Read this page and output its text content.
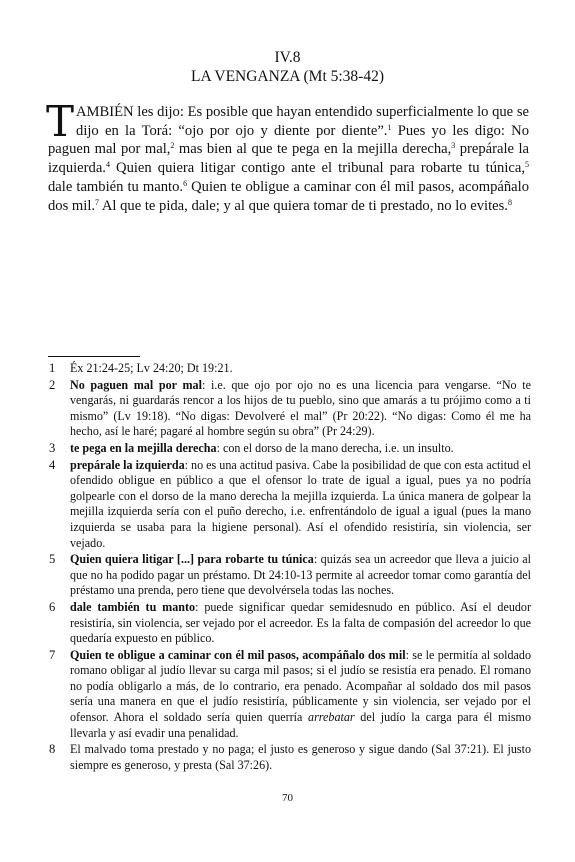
IV.8
LA VENGANZA (Mt 5:38-42)
TAMBIÉN les dijo: Es posible que hayan entendido superficialmente lo que se dijo en la Torá: “ojo por ojo y diente por diente”.$^1$ Pues yo les digo: No paguen mal por mal,$^2$ mas bien al que te pega en la mejilla derecha,$^3$ prepárale la izquierda.$^4$ Quien quiera litigar contigo ante el tribunal para robarte tu túnica,$^5$ dale también tu manto.$^6$ Quien te obligue a caminar con él mil pasos, acompáñalo dos mil.$^7$ Al que te pida, dale; y al que quiera tomar de ti prestado, no lo evites.$^8$
1 Éx 21:24-25; Lv 24:20; Dt 19:21.
2 No paguen mal por mal: i.e. que ojo por ojo no es una licencia para vengarse. “No te vengarás, ni guardarás rencor a los hijos de tu pueblo, sino que amarás a tu prójimo como a ti mismo” (Lv 19:18). “No digas: Devolveré el mal” (Pr 20:22). “No digas: Como él me ha hecho, así le haré; pagaré al hombre según su obra” (Pr 24:29).
3 te pega en la mejilla derecha: con el dorso de la mano derecha, i.e. un insulto.
4 prepárale la izquierda: no es una actitud pasiva. Cabe la posibilidad de que con esta actitud el ofendido obligue en público a que el ofensor lo trate de igual a igual, pues ya no podría golpearle con el dorso de la mano derecha la mejilla izquierda. La única manera de golpear la mejilla izquierda sería con el puño derecho, i.e. enfrentándolo de igual a igual (pues la mano izquierda se usaba para la higiene personal). Así el ofendido resistiría, sin violencia, ser vejado.
5 Quien quiera litigar [...] para robarte tu túnica: quizás sea un acreedor que lleva a juicio al que no ha podido pagar un préstamo. Dt 24:10-13 permite al acreedor tomar como garantía del préstamo una prenda, pero tiene que devolvérsela todas las noches.
6 dale también tu manto: puede significar quedar semidesnudo en público. Así el deudor resistiría, sin violencia, ser vejado por el acreedor. Es la falta de compasión del acreedor lo que quedaría expuesto en público.
7 Quien te obligue a caminar con él mil pasos, acompáñalo dos mil: se le permitía al soldado romano obligar al judío llevar su carga mil pasos; si el judío se resistía era penado. El romano no podía obligarlo a más, de lo contrario, era penado. Acompañar al soldado dos mil pasos sería una manera en que el judío resistiría, públicamente y sin violencia, ser vejado por el ofensor. Ahora el soldado sería quien querría arrebatar del judío la carga para él mismo llevarla y así evadir una penalidad.
8 El malvado toma prestado y no paga; el justo es generoso y sigue dando (Sal 37:21). El justo siempre es generoso, y presta (Sal 37:26).
70
